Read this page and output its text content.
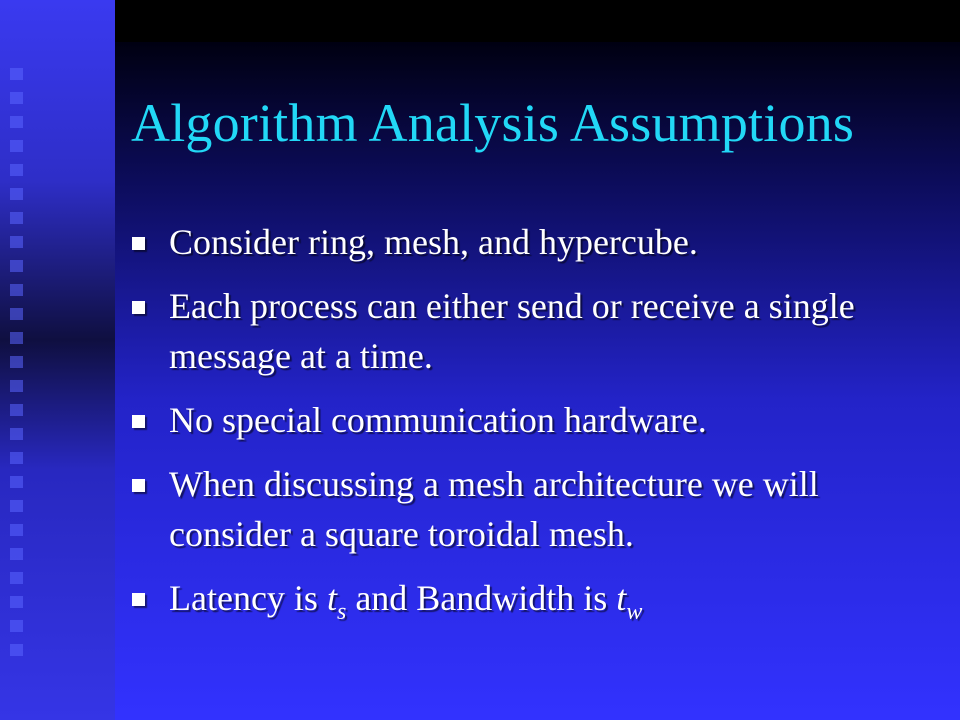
Algorithm Analysis Assumptions
Consider ring, mesh, and hypercube.
Each process can either send or receive a single message at a time.
No special communication hardware.
When discussing a mesh architecture we will consider a square toroidal mesh.
Latency is $t_s$ and Bandwidth is $t_w$
